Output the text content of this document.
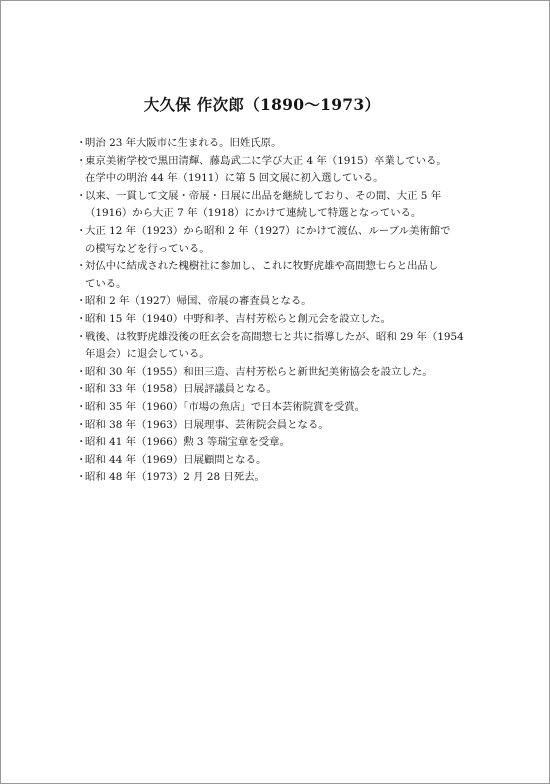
大久保 作次郎（1890〜1973）
・
明治 23 年大阪市に生まれる。旧姓氏原。
・
東京美術学校で黒田清輝、藤島武二に学び大正 4 年（1915）卒業している。
在学中の明治 44 年（1911）に第 5 回文展に初入選している。
・
以来、一貫して文展・帝展・日展に出品を継続しており、その間、大正 5 年
（1916）から大正 7 年（1918）にかけて連続して特選となっている。
・
大正 12 年（1923）から昭和 2 年（1927）にかけて渡仏、ルーブル美術館で
の模写などを行っている。
・
対仏中に結成された槐樹社に参加し、これに牧野虎雄や高間惣七らと出品し
ている。
・
昭和 2 年（1927）帰国、帝展の審査員となる。
・
昭和 15 年（1940）中野和孝、吉村芳松らと創元会を設立した。
・
戦後、は牧野虎雄没後の旺玄会を高間惣七と共に指導したが、昭和 29 年（1954
年退会）に退会している。
・
昭和 30 年（1955）和田三造、吉村芳松らと新世紀美術協会を設立した。
・
昭和 33 年（1958）日展評議員となる。
・
昭和 35 年（1960）「市場の魚店」で日本芸術院賞を受賞。
・
昭和 38 年（1963）日展理事、芸術院会員となる。
・
昭和 41 年（1966）勲 3 等瑞宝章を受章。
・
昭和 44 年（1969）日展顧問となる。
・
昭和 48 年（1973）2 月 28 日死去。
